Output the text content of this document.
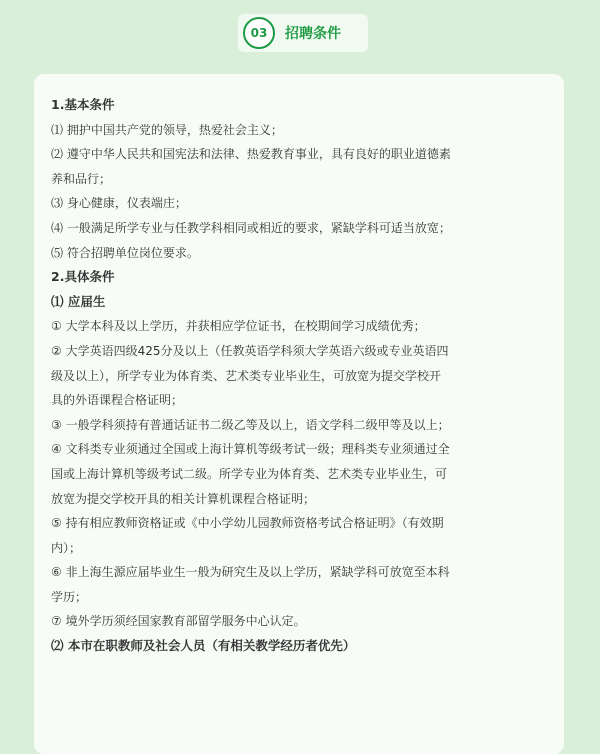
03	招聘条件
1.基本条件
⑴ 拥护中国共产党的领导，热爱社会主义；
⑵ 遵守中华人民共和国宪法和法律、热爱教育事业，具有良好的职业道德素
养和品行；
⑶ 身心健康，仪表端庄；
⑷ 一般满足所学专业与任教学科相同或相近的要求，紧缺学科可适当放宽；
⑸ 符合招聘单位岗位要求。
2.具体条件
⑴ 应届生
① 大学本科及以上学历，并获相应学位证书，在校期间学习成绩优秀；
② 大学英语四级425分及以上（任教英语学科须大学英语六级或专业英语四
级及以上），所学专业为体育类、艺术类专业毕业生，可放宽为提交学校开
具的外语课程合格证明；
③ 一般学科须持有普通话证书二级乙等及以上，语文学科二级甲等及以上；
④ 文科类专业须通过全国或上海计算机等级考试一级；理科类专业须通过全
国或上海计算机等级考试二级。所学专业为体育类、艺术类专业毕业生，可
放宽为提交学校开具的相关计算机课程合格证明；
⑤ 持有相应教师资格证或《中小学幼儿园教师资格考试合格证明》（有效期
内）；
⑥ 非上海生源应届毕业生一般为研究生及以上学历，紧缺学科可放宽至本科
学历；
⑦ 境外学历须经国家教育部留学服务中心认定。
⑵ 本市在职教师及社会人员（有相关教学经历者优先）
